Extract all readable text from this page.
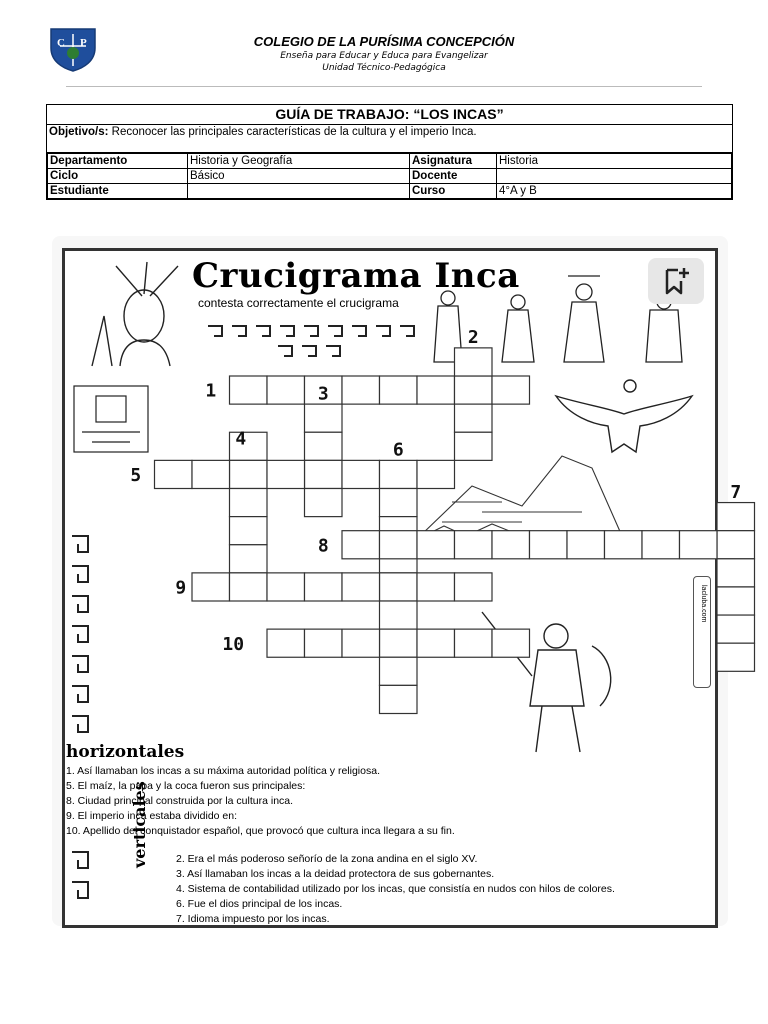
C P	COLEGIO DE LA PURÍSIMA CONCEPCIÓN
Enseña para Educar y Educa para Evangelizar
Unidad Técnico-Pedagógica
GUÍA DE TRABAJO: “LOS INCAS”
Objetivo/s: Reconocer las principales características de la cultura y el imperio Inca.
Departamento	Historia y Geografía	Asignatura	Historia
Ciclo	Básico	Docente	
Estudiante		Curso	4°A y B
1
2
3
4
5
6
7
8
9
10
Crucigrama Inca
contesta correctamente el crucigrama
lacluba.com
horizontales
1. Así llamaban los incas a su máxima autoridad política y religiosa.
5. El maíz, la papa y la coca fueron sus principales:
8. Ciudad principal construida por la cultura inca.
9. El imperio inca estaba dividido en:
10. Apellido del conquistador español, que provocó que cultura inca llegara a su fin.
verticales	2. Era el más poderoso señorío de la zona andina en el siglo XV.
3. Así llamaban los incas a la deidad protectora de sus gobernantes.
4. Sistema de contabilidad utilizado por los incas, que consistía en nudos con hilos de colores.
6. Fue el dios principal de los incas.
7. Idioma impuesto por los incas.
